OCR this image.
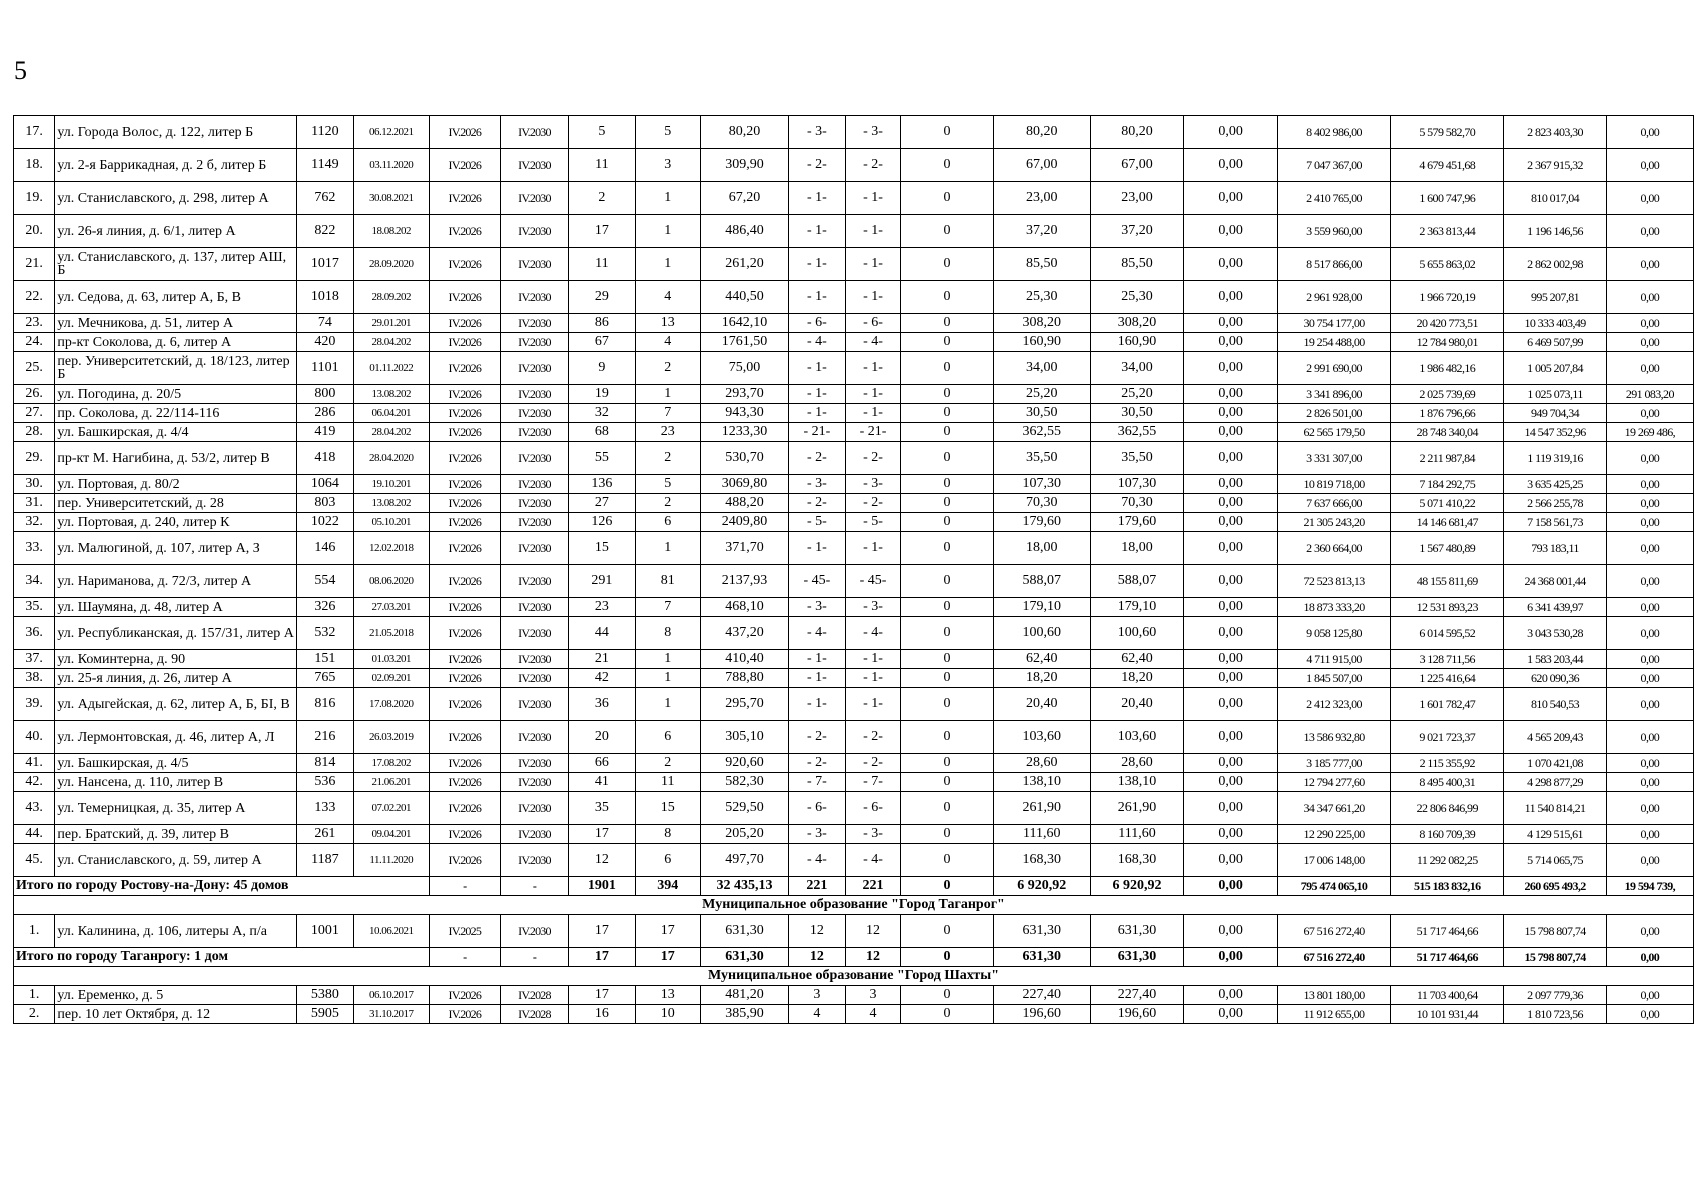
5
17.	ул. Города Волос, д. 122, литер Б	1120	06.12.2021	IV.2026	IV.2030	5	5	80,20	- 3-	- 3-	0	80,20	80,20	0,00	8 402 986,00	5 579 582,70	2 823 403,30	0,00
18.	ул. 2-я Баррикадная, д. 2 б, литер Б	1149	03.11.2020	IV.2026	IV.2030	11	3	309,90	- 2-	- 2-	0	67,00	67,00	0,00	7 047 367,00	4 679 451,68	2 367 915,32	0,00
19.	ул. Станиславского, д. 298, литер А	762	30.08.2021	IV.2026	IV.2030	2	1	67,20	- 1-	- 1-	0	23,00	23,00	0,00	2 410 765,00	1 600 747,96	810 017,04	0,00
20.	ул. 26-я линия, д. 6/1, литер А	822	18.08.202	IV.2026	IV.2030	17	1	486,40	- 1-	- 1-	0	37,20	37,20	0,00	3 559 960,00	2 363 813,44	1 196 146,56	0,00
21.	ул. Станиславского, д. 137, литер АШ, Б	1017	28.09.2020	IV.2026	IV.2030	11	1	261,20	- 1-	- 1-	0	85,50	85,50	0,00	8 517 866,00	5 655 863,02	2 862 002,98	0,00
22.	ул. Седова, д. 63, литер А, Б, В	1018	28.09.202	IV.2026	IV.2030	29	4	440,50	- 1-	- 1-	0	25,30	25,30	0,00	2 961 928,00	1 966 720,19	995 207,81	0,00
23.	ул. Мечникова, д. 51, литер А	74	29.01.201	IV.2026	IV.2030	86	13	1642,10	- 6-	- 6-	0	308,20	308,20	0,00	30 754 177,00	20 420 773,51	10 333 403,49	0,00
24.	пр-кт Соколова, д. 6, литер А	420	28.04.202	IV.2026	IV.2030	67	4	1761,50	- 4-	- 4-	0	160,90	160,90	0,00	19 254 488,00	12 784 980,01	6 469 507,99	0,00
25.	пер. Университетский, д. 18/123, литер Б	1101	01.11.2022	IV.2026	IV.2030	9	2	75,00	- 1-	- 1-	0	34,00	34,00	0,00	2 991 690,00	1 986 482,16	1 005 207,84	0,00
26.	ул. Погодина, д. 20/5	800	13.08.202	IV.2026	IV.2030	19	1	293,70	- 1-	- 1-	0	25,20	25,20	0,00	3 341 896,00	2 025 739,69	1 025 073,11	291 083,20
27.	пр. Соколова, д. 22/114-116	286	06.04.201	IV.2026	IV.2030	32	7	943,30	- 1-	- 1-	0	30,50	30,50	0,00	2 826 501,00	1 876 796,66	949 704,34	0,00
28.	ул. Башкирская, д. 4/4	419	28.04.202	IV.2026	IV.2030	68	23	1233,30	- 21-	- 21-	0	362,55	362,55	0,00	62 565 179,50	28 748 340,04	14 547 352,96	19 269 486,
29.	пр-кт М. Нагибина, д. 53/2, литер В	418	28.04.2020	IV.2026	IV.2030	55	2	530,70	- 2-	- 2-	0	35,50	35,50	0,00	3 331 307,00	2 211 987,84	1 119 319,16	0,00
30.	ул. Портовая, д. 80/2	1064	19.10.201	IV.2026	IV.2030	136	5	3069,80	- 3-	- 3-	0	107,30	107,30	0,00	10 819 718,00	7 184 292,75	3 635 425,25	0,00
31.	пер. Университетский, д. 28	803	13.08.202	IV.2026	IV.2030	27	2	488,20	- 2-	- 2-	0	70,30	70,30	0,00	7 637 666,00	5 071 410,22	2 566 255,78	0,00
32.	ул. Портовая, д. 240, литер К	1022	05.10.201	IV.2026	IV.2030	126	6	2409,80	- 5-	- 5-	0	179,60	179,60	0,00	21 305 243,20	14 146 681,47	7 158 561,73	0,00
33.	ул. Малюгиной, д. 107, литер А, З	146	12.02.2018	IV.2026	IV.2030	15	1	371,70	- 1-	- 1-	0	18,00	18,00	0,00	2 360 664,00	1 567 480,89	793 183,11	0,00
34.	ул. Нариманова, д. 72/3, литер А	554	08.06.2020	IV.2026	IV.2030	291	81	2137,93	- 45-	- 45-	0	588,07	588,07	0,00	72 523 813,13	48 155 811,69	24 368 001,44	0,00
35.	ул. Шаумяна, д. 48, литер А	326	27.03.201	IV.2026	IV.2030	23	7	468,10	- 3-	- 3-	0	179,10	179,10	0,00	18 873 333,20	12 531 893,23	6 341 439,97	0,00
36.	ул. Республиканская, д. 157/31, литер А	532	21.05.2018	IV.2026	IV.2030	44	8	437,20	- 4-	- 4-	0	100,60	100,60	0,00	9 058 125,80	6 014 595,52	3 043 530,28	0,00
37.	ул. Коминтерна, д. 90	151	01.03.201	IV.2026	IV.2030	21	1	410,40	- 1-	- 1-	0	62,40	62,40	0,00	4 711 915,00	3 128 711,56	1 583 203,44	0,00
38.	ул. 25-я линия, д. 26, литер А	765	02.09.201	IV.2026	IV.2030	42	1	788,80	- 1-	- 1-	0	18,20	18,20	0,00	1 845 507,00	1 225 416,64	620 090,36	0,00
39.	ул. Адыгейская, д. 62, литер А, Б, БI, В	816	17.08.2020	IV.2026	IV.2030	36	1	295,70	- 1-	- 1-	0	20,40	20,40	0,00	2 412 323,00	1 601 782,47	810 540,53	0,00
40.	ул. Лермонтовская, д. 46, литер А, Л	216	26.03.2019	IV.2026	IV.2030	20	6	305,10	- 2-	- 2-	0	103,60	103,60	0,00	13 586 932,80	9 021 723,37	4 565 209,43	0,00
41.	ул. Башкирская, д. 4/5	814	17.08.202	IV.2026	IV.2030	66	2	920,60	- 2-	- 2-	0	28,60	28,60	0,00	3 185 777,00	2 115 355,92	1 070 421,08	0,00
42.	ул. Нансена, д. 110, литер В	536	21.06.201	IV.2026	IV.2030	41	11	582,30	- 7-	- 7-	0	138,10	138,10	0,00	12 794 277,60	8 495 400,31	4 298 877,29	0,00
43.	ул. Темерницкая, д. 35, литер А	133	07.02.201	IV.2026	IV.2030	35	15	529,50	- 6-	- 6-	0	261,90	261,90	0,00	34 347 661,20	22 806 846,99	11 540 814,21	0,00
44.	пер. Братский, д. 39, литер В	261	09.04.201	IV.2026	IV.2030	17	8	205,20	- 3-	- 3-	0	111,60	111,60	0,00	12 290 225,00	8 160 709,39	4 129 515,61	0,00
45.	ул. Станиславского, д. 59, литер А	1187	11.11.2020	IV.2026	IV.2030	12	6	497,70	- 4-	- 4-	0	168,30	168,30	0,00	17 006 148,00	11 292 082,25	5 714 065,75	0,00
Итого по городу Ростову-на-Дону: 45 домов				-	-	1901	394	32 435,13	221	221	0	6 920,92	6 920,92	0,00	795 474 065,10	515 183 832,16	260 695 493,2	19 594 739,
Муниципальное образование "Город Таганрог"																		
1.	ул. Калинина, д. 106, литеры А, п/а	1001	10.06.2021	IV.2025	IV.2030	17	17	631,30	12	12	0	631,30	631,30	0,00	67 516 272,40	51 717 464,66	15 798 807,74	0,00
Итого по городу Таганрогу: 1 дом				-	-	17	17	631,30	12	12	0	631,30	631,30	0,00	67 516 272,40	51 717 464,66	15 798 807,74	0,00
Муниципальное образование "Город Шахты"																		
1.	ул. Еременко, д. 5	5380	06.10.2017	IV.2026	IV.2028	17	13	481,20	3	3	0	227,40	227,40	0,00	13 801 180,00	11 703 400,64	2 097 779,36	0,00
2.	пер. 10 лет Октября, д. 12	5905	31.10.2017	IV.2026	IV.2028	16	10	385,90	4	4	0	196,60	196,60	0,00	11 912 655,00	10 101 931,44	1 810 723,56	0,00
